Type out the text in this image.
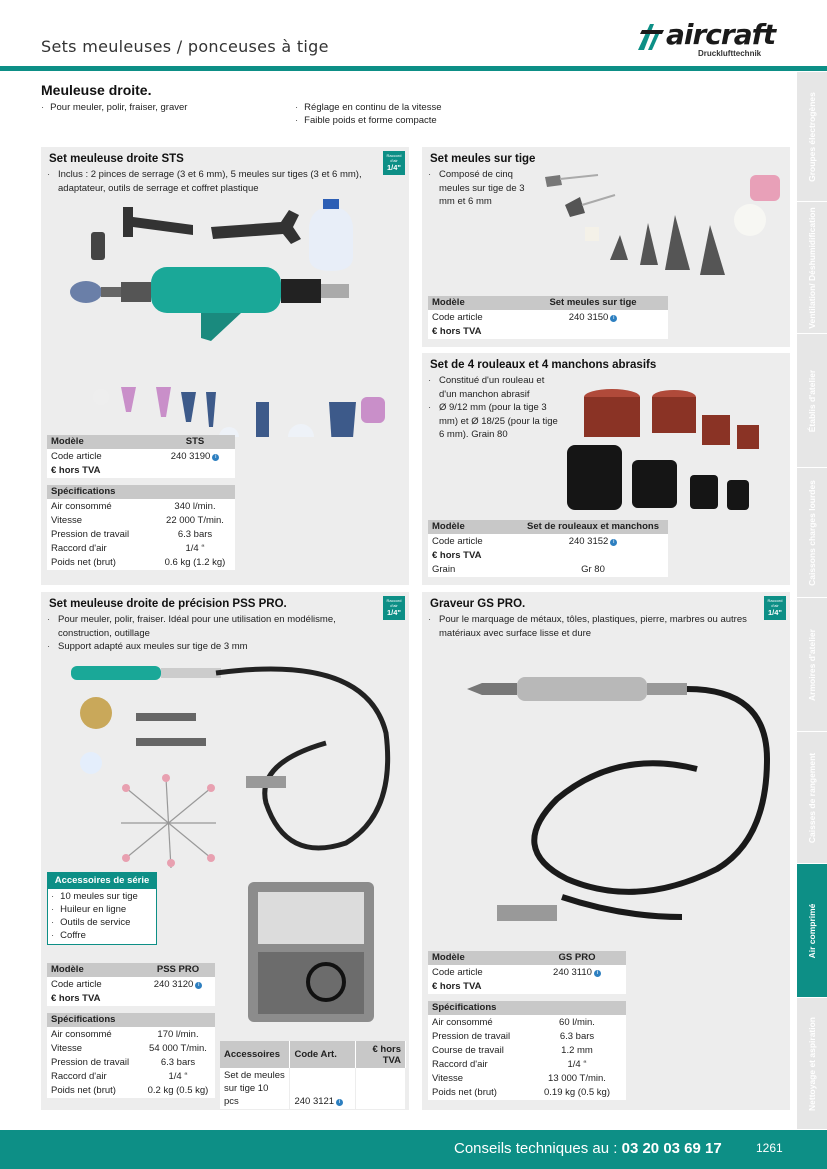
Sets meuleuses / ponceuses à tige	aircraft
Drucklufttechnik
Groupes électrogènes
Ventilation/ Déshumidification
Établis d'atelier
Caissons charges lourdes
Armoires d'atelier
Caisses de rangement
Air comprimé
Nettoyage et aspiration
Meuleuse droite.
· Pour meuler, polir, fraiser, graver	· Réglage en continu de la vitesse
· Faible poids et forme compacte
Set meuleuse droite STS	Raccord d'air
1/4"
· Inclus : 2 pinces de serrage (3 et 6 mm), 5 meules sur tiges (3 et 6 mm), adaptateur, outils de serrage et coffret plastique
Modèle	STS
Code article	240 3190 i
€ hors TVA	

Spécifications	
Air consommé	340 l/min.
Vitesse	22 000 T/min.
Pression de travail	6.3 bars
Raccord d'air	1/4 “
Poids net (brut)	0.6 kg (1.2 kg)
Set meules sur tige
· Composé de cinq meules sur tige de 3 mm et 6 mm
Modèle	Set meules sur tige
Code article	240 3150 i
€ hors TVA	
Set de 4 rouleaux et 4 manchons abrasifs
· Constitué d'un rouleau et d'un manchon abrasif
· Ø 9/12 mm (pour la tige 3 mm) et Ø 18/25 (pour la tige 6 mm). Grain 80
Modèle	Set de rouleaux et manchons
Code article	240 3152 i
€ hors TVA	
Grain	Gr 80
Set meuleuse droite de précision PSS PRO.	Raccord d'air
1/4"
· Pour meuler, polir, fraiser. Idéal pour une utilisation en modélisme, construction, outillage
· Support adapté aux meules sur tige de 3 mm
Accessoires de série
· 10 meules sur tige
· Huileur en ligne
· Outils de service
· Coffre
Modèle	PSS PRO
Code article	240 3120 i
€ hors TVA	

Spécifications	
Air consommé	170 l/min.
Vitesse	54 000 T/min.
Pression de travail	6.3 bars
Raccord d'air	1/4 “
Poids net (brut)	0.2 kg (0.5 kg)
Accessoires	Code Art.	€ hors TVA
Set de meules sur tige 10 pcs	240 3121 i	
Graveur GS PRO.	Raccord d'air
1/4"
· Pour le marquage de métaux, tôles, plastiques, pierre, marbres ou autres matériaux avec surface lisse et dure
Modèle	GS PRO
Code article	240 3110 i
€ hors TVA	

Spécifications	
Air consommé	60 l/min.
Pression de travail	6.3 bars
Course de travail	1.2 mm
Raccord d'air	1/4 “
Vitesse	13 000 T/min.
Poids net (brut)	0.19 kg (0.5 kg)
Conseils techniques au : 03 20 03 69 17	1261
